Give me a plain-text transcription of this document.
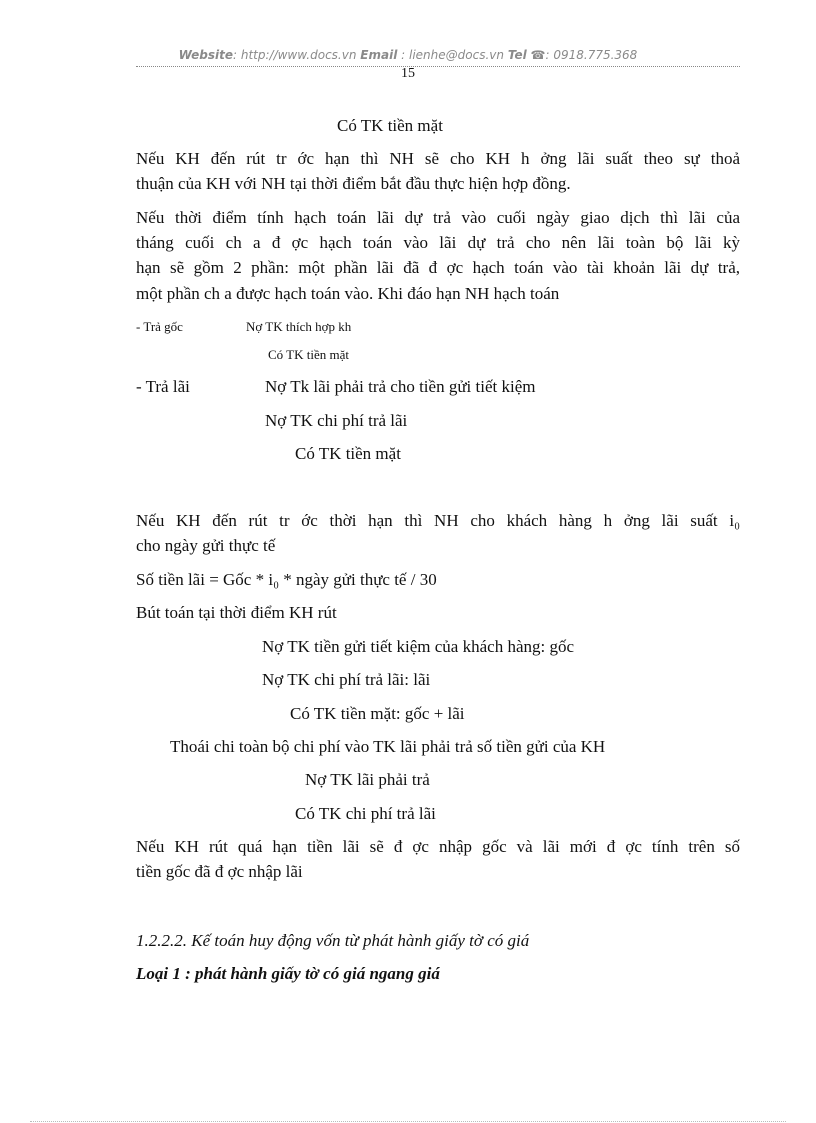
Website: http://www.docs.vn Email : lienhe@docs.vn Tel ☎: 0918.775.368
15
Có TK tiền mặt
Nếu KH đến rút tr ớc hạn thì NH sẽ cho KH h ởng lãi suất theo sự thoả
thuận của KH với NH tại thời điểm bắt đầu thực hiện hợp đồng.
Nếu thời điểm tính hạch toán lãi dự trả vào cuối ngày giao dịch thì lãi của
tháng cuối ch a đ ợc hạch toán vào lãi dự trả cho nên lãi toàn bộ lãi kỳ
hạn sẽ gồm 2 phần: một phần lãi đã đ ợc hạch toán vào tài khoản lãi dự trả,
một phần ch a được hạch toán vào. Khi đáo hạn NH hạch toán
- Trả gốc	Nợ TK thích hợp kh
Có TK tiền mặt
- Trả lãi	Nợ Tk lãi phải trả cho tiền gửi tiết kiệm
Nợ TK chi phí trả lãi
Có TK tiền mặt
Nếu KH đến rút tr ớc thời hạn thì NH cho khách hàng h ởng lãi suất i₀
cho ngày gửi thực tế
Số tiền lãi = Gốc * i₀ * ngày gửi thực tế / 30
Bút toán tại thời điểm KH rút
Nợ TK tiền gửi tiết kiệm của khách hàng: gốc
Nợ TK chi phí trả lãi: lãi
Có TK tiền mặt: gốc + lãi
Thoái chi toàn bộ chi phí vào TK lãi phải trả số tiền gửi của KH
Nợ TK lãi phải trả
Có TK chi phí trả lãi
Nếu KH rút quá hạn tiền lãi sẽ đ ợc nhập gốc và lãi mới đ ợc tính trên số
tiền gốc đã đ ợc nhập lãi
1.2.2.2. Kế toán huy động vốn từ phát hành giấy tờ có giá
Loại 1 : phát hành giấy tờ có giá ngang giá
